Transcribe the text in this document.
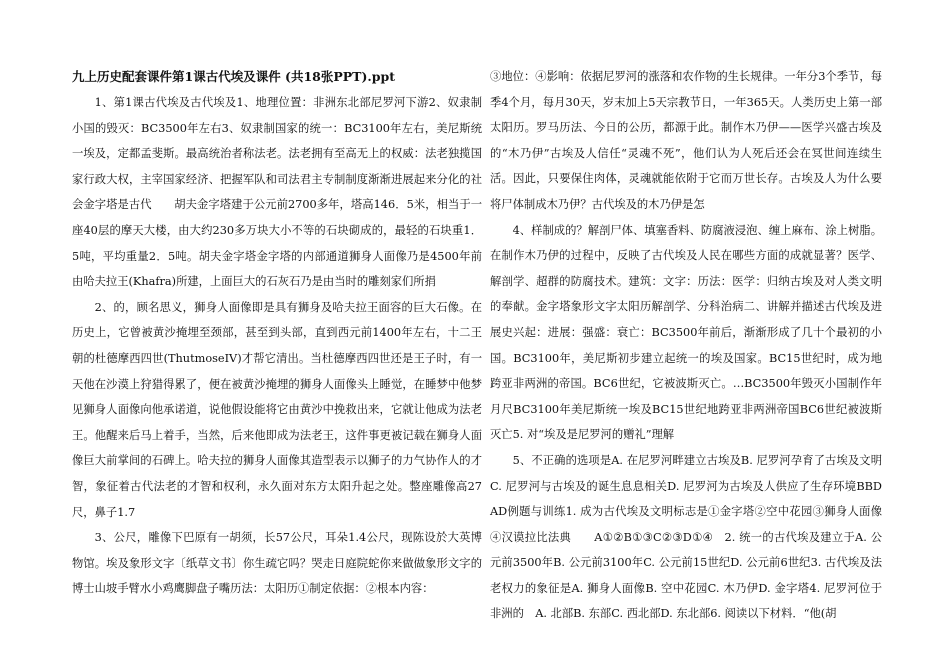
九上历史配套课件第1课古代埃及课件 (共18张PPT).ppt

1、第1课古代埃及古代埃及1、地理位置：非洲东北部尼罗河下游2、奴隶制小国的毁灭：BC3500年左右3、奴隶制国家的统一：BC3100年左右，美尼斯统一埃及，定都孟斐斯。最高统治者称法老。法老拥有至高无上的权威：法老独揽国家行政大权，主宰国家经济、把握军队和司法君主专制制度渐渐进展起来分化的社会金字塔是古代　　胡夫金字塔建于公元前2700多年，塔高146．5米，相当于一座40层的摩天大楼，由大约230多万块大小不等的石块砌成的，最轻的石块重1．5吨，平均重量2．5吨。胡夫金字塔金字塔的内部通道狮身人面像乃是4500年前由哈夫拉王(Khafra)所建，上面巨大的石灰石乃是由当时的雕刻家们所捐

2、的，顾名思义，狮身人面像即是具有狮身及哈夫拉王面容的巨大石像。在历史上，它曾被黄沙掩埋至颈部，甚至到头部，直到西元前1400年左右，十二王朝的杜德摩西四世(ThutmoseIV)才帮它清出。当杜德摩西四世还是王子时，有一天他在沙漠上狩猎得累了，便在被黄沙掩埋的狮身人面像头上睡觉，在睡梦中他梦见狮身人面像向他承诺道，说他假设能将它由黄沙中挽救出来，它就让他成为法老王。他醒来后马上着手，当然，后来他即成为法老王，这件事更被记载在狮身人面像巨大前掌间的石碑上。哈夫拉的狮身人面像其造型表示以狮子的力气协作人的才智，象征着古代法老的才智和权利，永久面对东方太阳升起之处。整座雕像高27尺，鼻子1.7

3、公尺，雕像下巴原有一胡须，长57公尺，耳朵1.4公尺，现陈设於大英博物馆。埃及象形文字〔纸草文书〕你生疏它吗？哭走日庭院蛇你来做做象形文字的博士山坡手臂水小鸡鹰脚盘子嘴历法：太阳历①制定依据：②根本内容：

③地位：④影响：依据尼罗河的涨落和农作物的生长规律。一年分3个季节，每季4个月，每月30天，岁末加上5天宗教节日，一年365天。人类历史上第一部太阳历。罗马历法、今日的公历，都源于此。制作木乃伊——医学兴盛古埃及的“木乃伊”古埃及人信任“灵魂不死”，他们认为人死后还会在冥世间连续生活。因此，只要保住肉体，灵魂就能依附于它而万世长存。古埃及人为什么要将尸体制成木乃伊？古代埃及的木乃伊是怎

4、样制成的？解剖尸体、填塞香料、防腐液浸泡、缠上麻布、涂上树脂。在制作木乃伊的过程中，反映了古代埃及人民在哪些方面的成就显著？医学、解剖学、超群的防腐技术。建筑：文字：历法：医学：归纳古埃及对人类文明的奉献。金字塔象形文字太阳历解剖学、分科治病二、讲解并描述古代埃及进展史兴起：进展：强盛：衰亡：BC3500年前后，渐渐形成了几十个最初的小国。BC3100年，美尼斯初步建立起统一的埃及国家。BC15世纪时，成为地跨亚非两洲的帝国。BC6世纪，它被波斯灭亡。…BC3500年毁灭小国制作年月尺BC3100年美尼斯统一埃及BC15世纪地跨亚非两洲帝国BC6世纪被波斯灭亡5. 对“埃及是尼罗河的赠礼”理解

5、不正确的选项是A. 在尼罗河畔建立古埃及B. 尼罗河孕育了古埃及文明C. 尼罗河与古埃及的诞生息息相关D. 尼罗河为古埃及人供应了生存环境BBDAD例题与训练1. 成为古代埃及文明标志是①金字塔②空中花园③狮身人面像④汉谟拉比法典　　A①②B①③C②③D①④　2. 统一的古代埃及建立于A. 公元前3500年B. 公元前3100年C. 公元前15世纪D. 公元前6世纪3. 古代埃及法老权力的象征是A. 狮身人面像B. 空中花园C. 木乃伊D. 金字塔4. 尼罗河位于非洲的　A. 北部B. 东部C. 西北部D. 东北部6. 阅读以下材料．“他(胡
